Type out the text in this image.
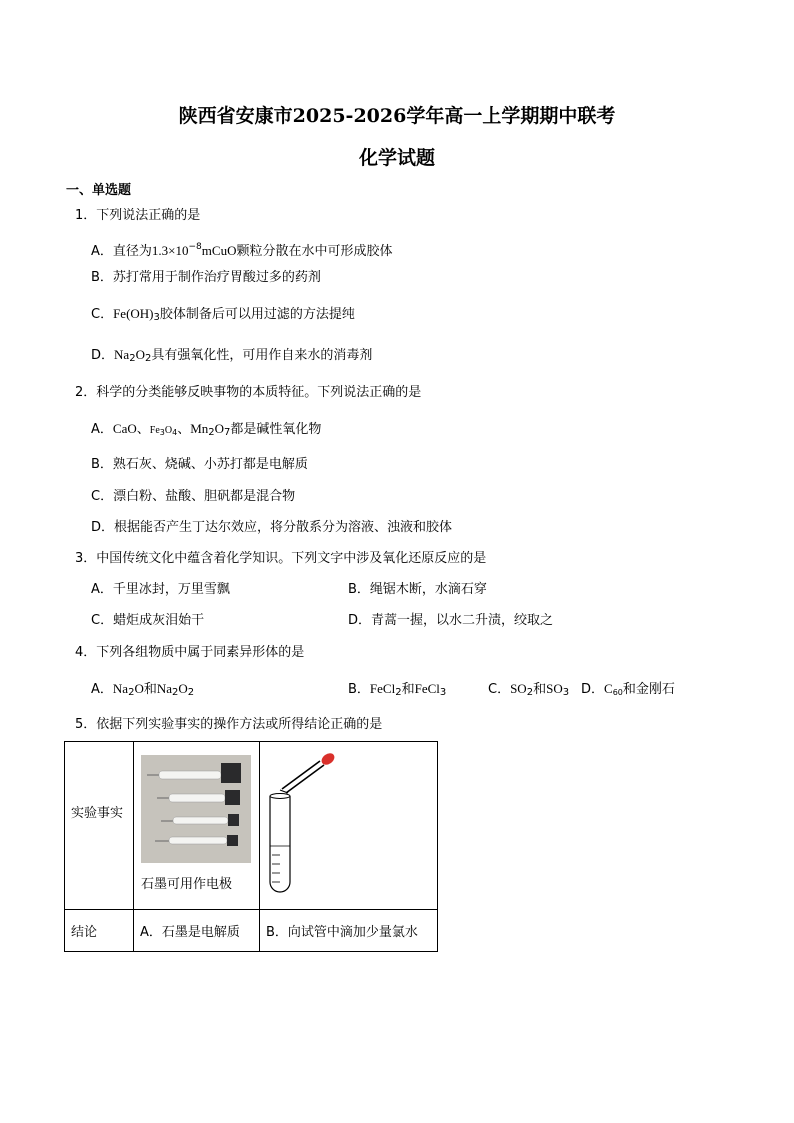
陕西省安康市2025-2026学年高一上学期期中联考
化学试题
一、单选题
1．下列说法正确的是
A．直径为$1.3\times 10^{-8}mCuO$颗粒分散在水中可形成胶体
B．苏打常用于制作治疗胃酸过多的药剂
C．$Fe(OH)_3$胶体制备后可以用过滤的方法提纯
D．$Na_2O_2$具有强氧化性，可用作自来水的消毒剂
2．科学的分类能够反映事物的本质特征。下列说法正确的是
A．CaO、$Fe_3O_4$、$Mn_2O_7$都是碱性氧化物
B．熟石灰、烧碱、小苏打都是电解质
C．漂白粉、盐酸、胆矾都是混合物
D．根据能否产生丁达尔效应，将分散系分为溶液、浊液和胶体
3．中国传统文化中蕴含着化学知识。下列文字中涉及氧化还原反应的是
A．千里冰封，万里雪飘	B．绳锯木断，水滴石穿
C．蜡炬成灰泪始干	D．青蒿一握，以水二升渍，绞取之
4．下列各组物质中属于同素异形体的是
A．$Na_2O$和$Na_2O_2$	B．FeCl$_2$和FeCl$_3$	C．$SO_2$和$SO_3$ D．$C_{60}$和金刚石
5．依据下列实验事实的操作方法或所得结论正确的是
实验事实	石墨可用作电极

结论	A．石墨是电解质	B．向试管中滴加少量氯水
